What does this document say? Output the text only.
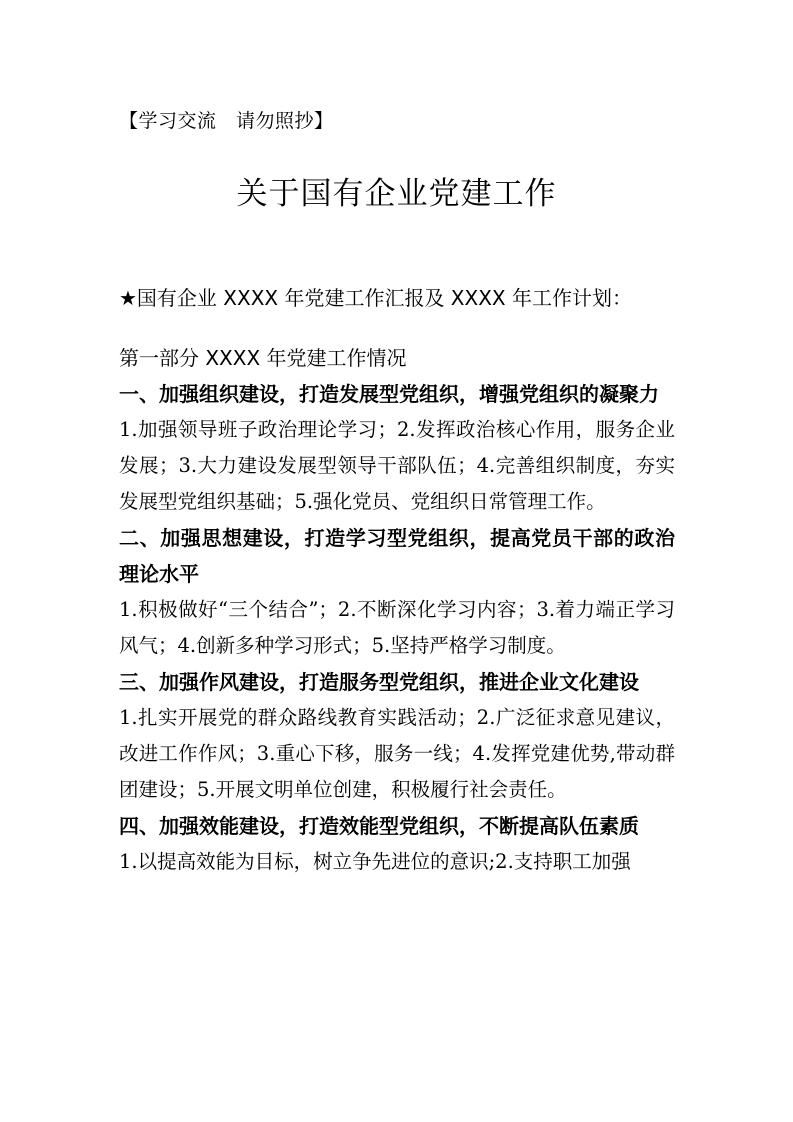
【学习交流　请勿照抄】
关于国有企业党建工作

★国有企业 XXXX 年党建工作汇报及 XXXX 年工作计划：

第一部分 XXXX 年党建工作情况

一、加强组织建设，打造发展型党组织，增强党组织的凝聚力

1.加强领导班子政治理论学习；2.发挥政治核心作用，服务企业发展；3.大力建设发展型领导干部队伍；4.完善组织制度，夯实发展型党组织基础；5.强化党员、党组织日常管理工作。

二、加强思想建设，打造学习型党组织，提高党员干部的政治理论水平

1.积极做好“三个结合”；2.不断深化学习内容；3.着力端正学习风气；4.创新多种学习形式；5.坚持严格学习制度。

三、加强作风建设，打造服务型党组织，推进企业文化建设

1.扎实开展党的群众路线教育实践活动；2.广泛征求意见建议，改进工作作风；3.重心下移，服务一线；4.发挥党建优势,带动群团建设；5.开展文明单位创建，积极履行社会责任。

四、加强效能建设，打造效能型党组织，不断提高队伍素质

1.以提高效能为目标，树立争先进位的意识;2.支持职工加强
